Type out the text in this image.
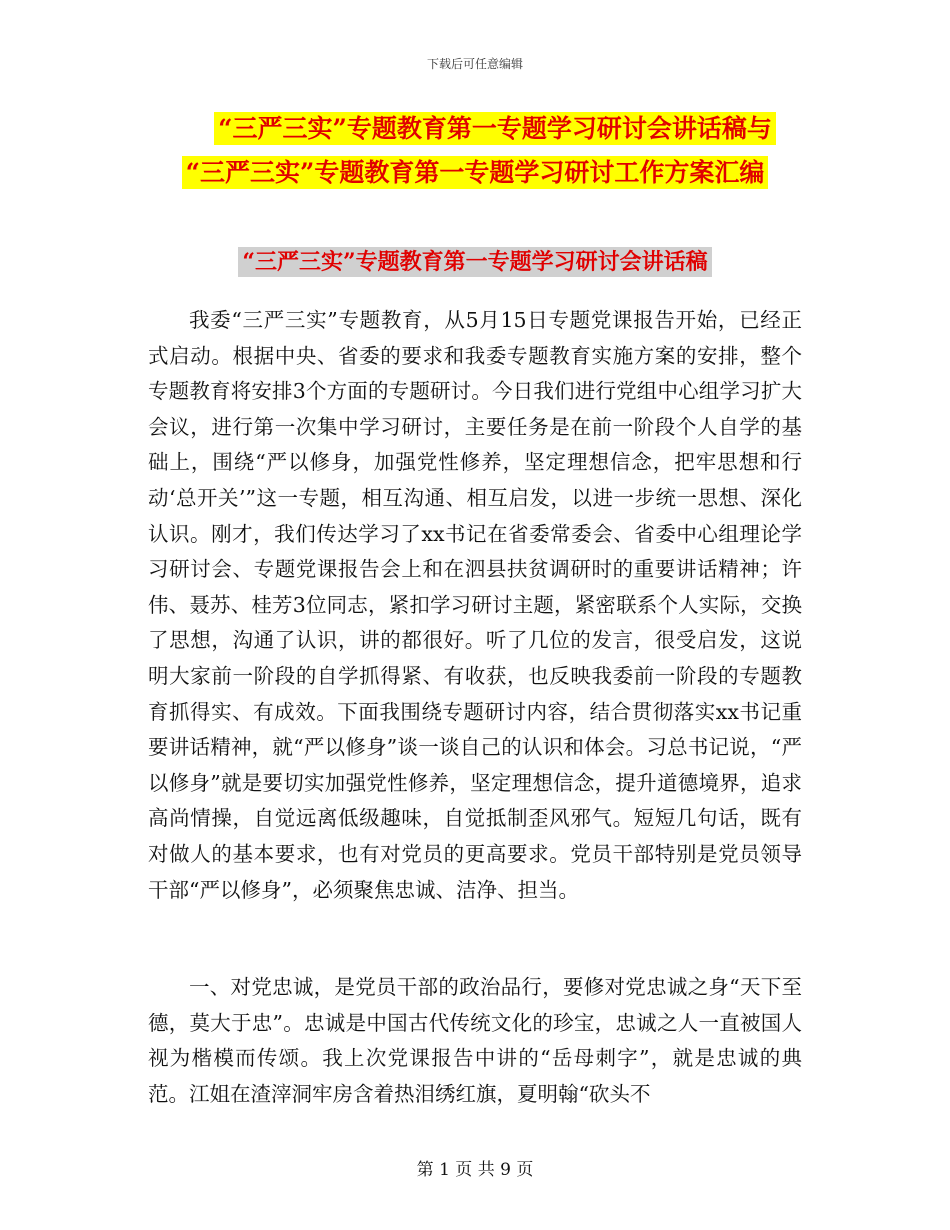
下载后可任意编辑
“三严三实”专题教育第一专题学习研讨会讲话稿与
“三严三实”专题教育第一专题学习研讨工作方案汇编
“三严三实”专题教育第一专题学习研讨会讲话稿

我委“三严三实”专题教育，从5月15日专题党课报告开始，已经正式启动。根据中央、省委的要求和我委专题教育实施方案的安排，整个专题教育将安排3个方面的专题研讨。今日我们进行党组中心组学习扩大会议，进行第一次集中学习研讨，主要任务是在前一阶段个人自学的基础上，围绕“严以修身，加强党性修养，坚定理想信念，把牢思想和行动‘总开关’”这一专题，相互沟通、相互启发，以进一步统一思想、深化认识。刚才，我们传达学习了xx书记在省委常委会、省委中心组理论学习研讨会、专题党课报告会上和在泗县扶贫调研时的重要讲话精神；许伟、聂苏、桂芳3位同志，紧扣学习研讨主题，紧密联系个人实际，交换了思想，沟通了认识，讲的都很好。听了几位的发言，很受启发，这说明大家前一阶段的自学抓得紧、有收获，也反映我委前一阶段的专题教育抓得实、有成效。下面我围绕专题研讨内容，结合贯彻落实xx书记重要讲话精神，就“严以修身”谈一谈自己的认识和体会。习总书记说，“严以修身”就是要切实加强党性修养，坚定理想信念，提升道德境界，追求高尚情操，自觉远离低级趣味，自觉抵制歪风邪气。短短几句话，既有对做人的基本要求，也有对党员的更高要求。党员干部特别是党员领导干部“严以修身”，必须聚焦忠诚、洁净、担当。

一、对党忠诚，是党员干部的政治品行，要修对党忠诚之身“天下至德，莫大于忠”。忠诚是中国古代传统文化的珍宝，忠诚之人一直被国人视为楷模而传颂。我上次党课报告中讲的“岳母刺字”，就是忠诚的典范。江姐在渣滓洞牢房含着热泪绣红旗，夏明翰“砍头不

第 1 页 共 9 页
